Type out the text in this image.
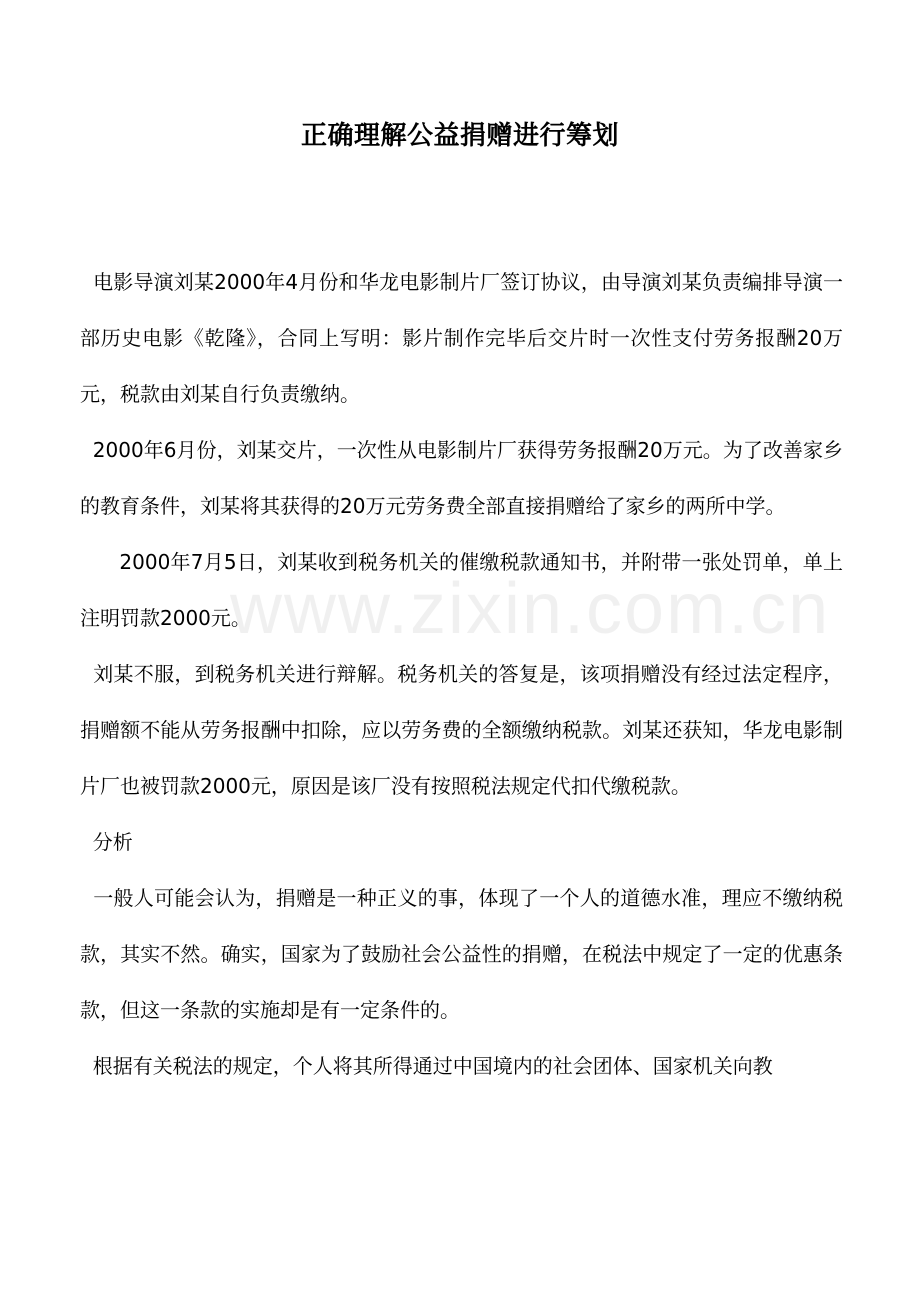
www.zixin.com.cn
正确理解公益捐赠进行筹划

电影导演刘某2000年4月份和华龙电影制片厂签订协议，由导演刘某负责编排导演一部历史电影《乾隆》，合同上写明：影片制作完毕后交片时一次性支付劳务报酬20万元，税款由刘某自行负责缴纳。

2000年6月份，刘某交片，一次性从电影制片厂获得劳务报酬20万元。为了改善家乡的教育条件，刘某将其获得的20万元劳务费全部直接捐赠给了家乡的两所中学。

2000年7月5日，刘某收到税务机关的催缴税款通知书，并附带一张处罚单，单上注明罚款2000元。

刘某不服，到税务机关进行辩解。税务机关的答复是，该项捐赠没有经过法定程序，捐赠额不能从劳务报酬中扣除，应以劳务费的全额缴纳税款。刘某还获知，华龙电影制片厂也被罚款2000元，原因是该厂没有按照税法规定代扣代缴税款。

分析

一般人可能会认为，捐赠是一种正义的事，体现了一个人的道德水准，理应不缴纳税款，其实不然。确实，国家为了鼓励社会公益性的捐赠，在税法中规定了一定的优惠条款，但这一条款的实施却是有一定条件的。

根据有关税法的规定，个人将其所得通过中国境内的社会团体、国家机关向教
